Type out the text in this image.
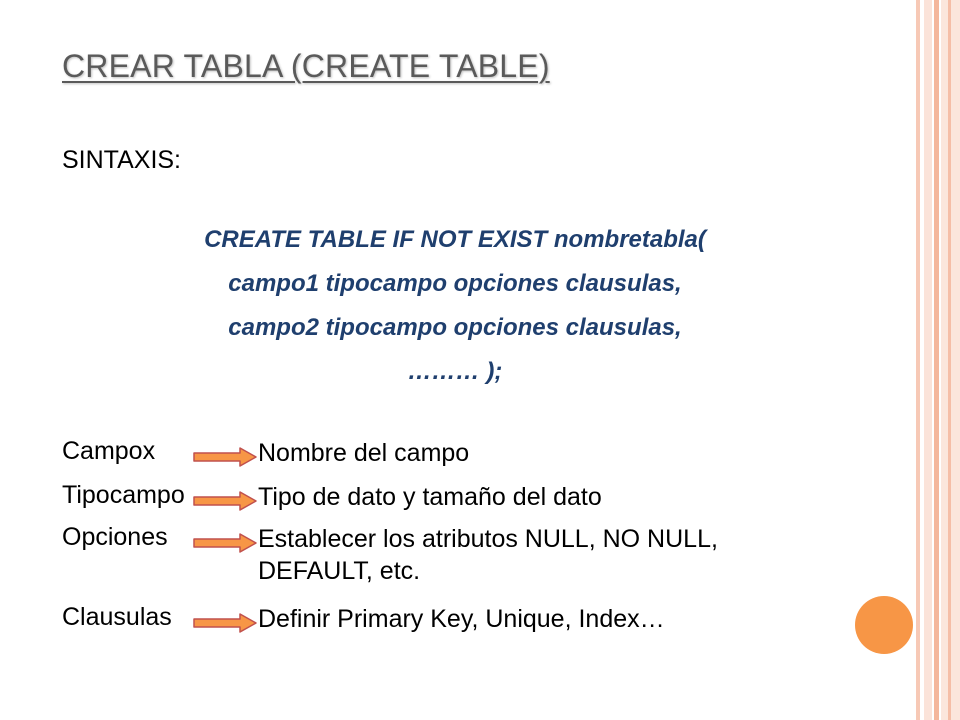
CREAR TABLA (CREATE TABLE)
SINTAXIS:
CREATE TABLE IF NOT EXIST nombretabla(
campo1 tipocampo opciones clausulas,
campo2 tipocampo opciones clausulas,
……… );
Campox	Nombre del campo
Tipocampo	Tipo de dato y tamaño del dato
Opciones	Establecer los atributos NULL, NO NULL, DEFAULT, etc.
Clausulas	Definir Primary Key, Unique, Index…
